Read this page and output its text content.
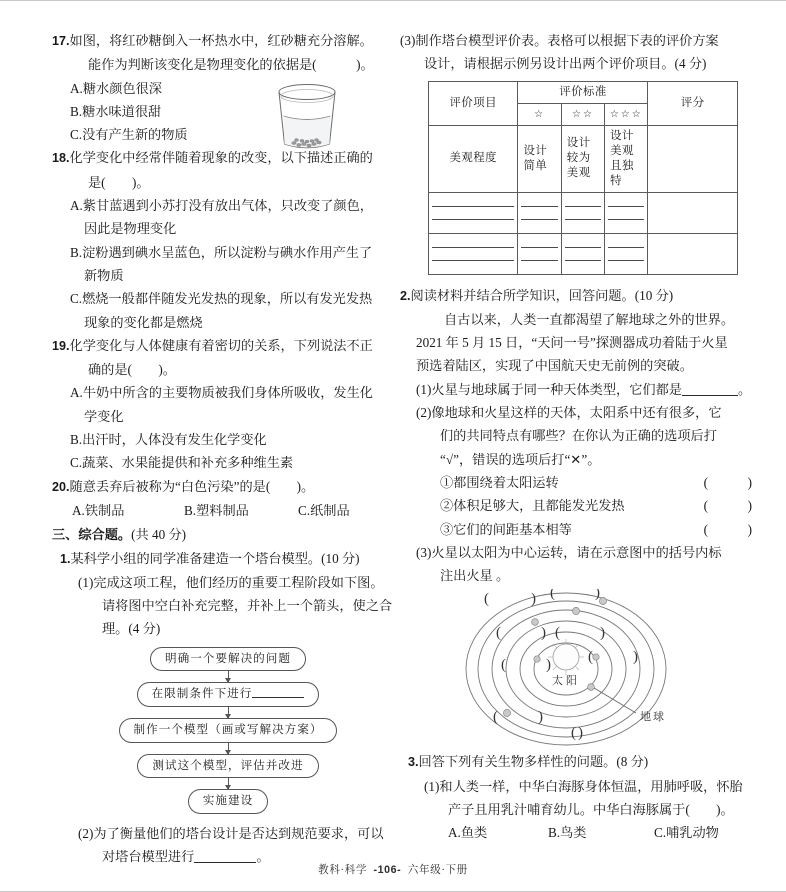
17.如图，将红砂糖倒入一杯热水中，红砂糖充分溶解。
能作为判断该变化是物理变化的依据是(　　　)。
A.糖水颜色很深
B.糖水味道很甜
C.没有产生新的物质
18.化学变化中经常伴随着现象的改变，以下描述正确的
是(　　)。
A.紫甘蓝遇到小苏打没有放出气体，只改变了颜色，
因此是物理变化
B.淀粉遇到碘水呈蓝色，所以淀粉与碘水作用产生了
新物质
C.燃烧一般都伴随发光发热的现象，所以有发光发热
现象的变化都是燃烧
19.化学变化与人体健康有着密切的关系，下列说法不正
确的是(　　)。
A.牛奶中所含的主要物质被我们身体所吸收，发生化
学变化
B.出汗时，人体没有发生化学变化
C.蔬菜、水果能提供和补充多种维生素
20.随意丢弃后被称为“白色污染”的是(　　)。
A.铁制品	B.塑料制品	C.纸制品
三、综合题。(共 40 分)
1.某科学小组的同学准备建造一个塔台模型。(10 分)
(1)完成这项工程，他们经历的重要工程阶段如下图。
请将图中空白补充完整，并补上一个箭头，使之合
理。(4 分)
明确一个要解决的问题
在限制条件下进行
制作一个模型（画或写解决方案）
测试这个模型，评估并改进
实施建设
(2)为了衡量他们的塔台设计是否达到规范要求，可以
对塔台模型进行	。
(3)制作塔台模型评价表。表格可以根据下表的评价方案
设计，请根据示例另设计出两个评价项目。(4 分)
评价项目	评价标准			评分
	☆	☆☆	☆☆☆	
美观程度	设计简单	设计较为美观	设计美观且独特	

2.阅读材料并结合所学知识，回答问题。(10 分)
自古以来，人类一直都渴望了解地球之外的世界。
2021 年 5 月 15 日，“天问一号”探测器成功着陆于火星
预选着陆区，实现了中国航天史无前例的突破。
(1)火星与地球属于同一种天体类型，它们都是	。
(2)像地球和火星这样的天体，太阳系中还有很多，它
们的共同特点有哪些？在你认为正确的选项后打
“√”，错误的选项后打“✕”。
①都围绕着太阳运转	(　　　)
②体积足够大，且都能发光发热	(　　　)
③它们的间距基本相等	(　　　)
(3)火星以太阳为中心运转，请在示意图中的括号内标
注出火星 。
太阳
地球
(	) (	)
(	) (	)
(	) (	)
(	)
( )
3.回答下列有关生物多样性的问题。(8 分)
(1)和人类一样，中华白海豚身体恒温，用肺呼吸，怀胎
产子且用乳汁哺育幼儿。中华白海豚属于(　　)。
A.鱼类	B.鸟类	C.哺乳动物
教科·科学 -106- 六年级·下册
